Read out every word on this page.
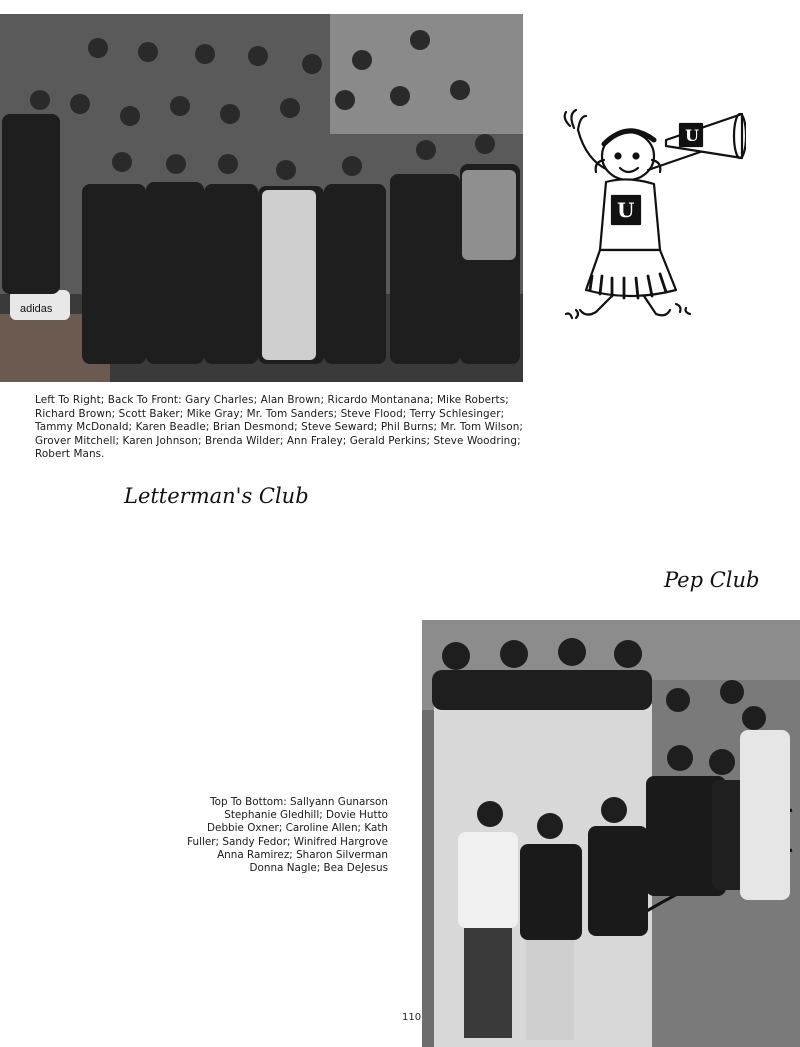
adidas
Left To Right; Back To Front: Gary Charles; Alan Brown; Ricardo Montanana; Mike Roberts; Richard Brown; Scott Baker; Mike Gray; Mr. Tom Sanders; Steve Flood; Terry Schlesinger; Tammy McDonald; Karen Beadle; Brian Desmond; Steve Seward; Phil Burns; Mr. Tom Wilson; Grover Mitchell; Karen Johnson; Brenda Wilder; Ann Fraley; Gerald Perkins; Steve Woodring; Robert Mans.
Letterman's Club
U
U
Pep Club
Top To Bottom: Sallyann Gunarson
Stephanie Gledhill; Dovie Hutto
Debbie Oxner; Caroline Allen; Kath
Fuller; Sandy Fedor; Winifred Hargrove
Anna Ramirez; Sharon Silverman
Donna Nagle; Bea DeJesus
110
